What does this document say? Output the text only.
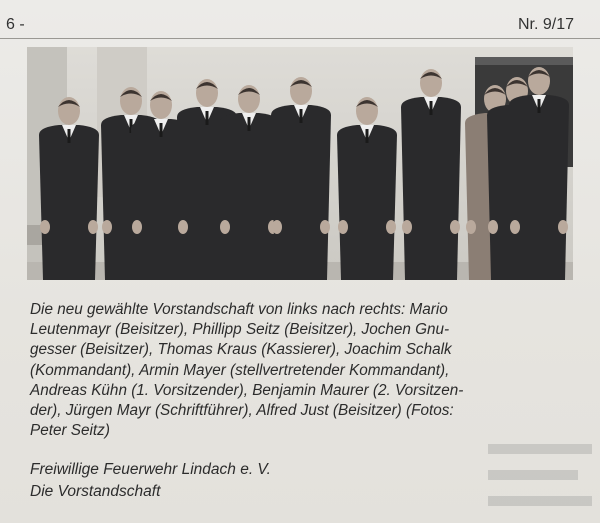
6 -	Nr. 9/17
Die neu gewählte Vorstandschaft von links nach rechts: Mario
Leutenmayr (Beisitzer), Phillipp Seitz (Beisitzer), Jochen Gnu-
gesser (Beisitzer), Thomas Kraus (Kassierer), Joachim Schalk
(Kommandant), Armin Mayer (stellvertretender Kommandant),
Andreas Kühn (1. Vorsitzender), Benjamin Maurer (2. Vorsitzen-
der), Jürgen Mayr (Schriftführer), Alfred Just (Beisitzer) (Fotos:
Peter Seitz)
Freiwillige Feuerwehr Lindach e. V.
Die Vorstandschaft
